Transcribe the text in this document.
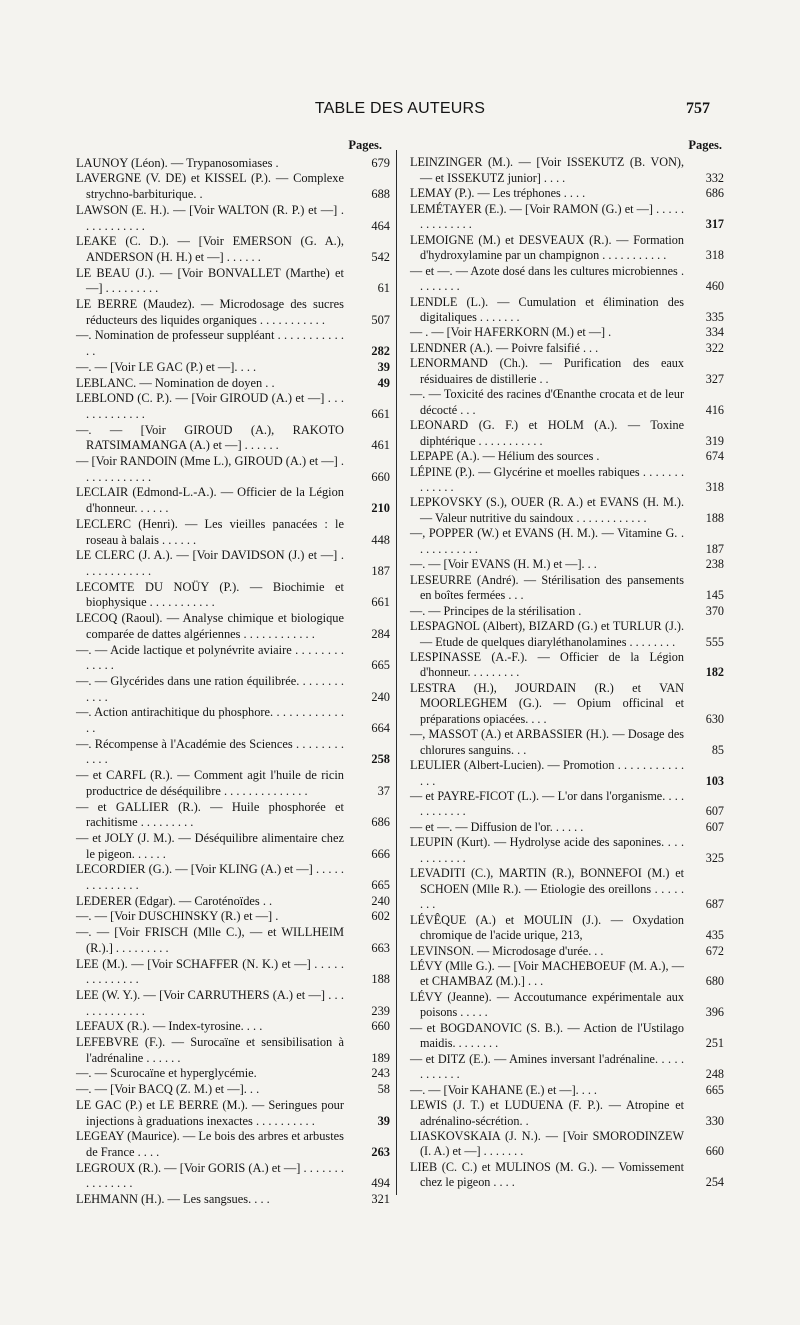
TABLE DES AUTEURS	757
Pages.
LAUNOY (Léon). — Trypanosomiases .	679
LAVERGNE (V. DE) et KISSEL (P.). — Complexe strychno-barbiturique. .	688
LAWSON (E. H.). — [Voir WALTON (R. P.) et —] . . . . . . . . . . .	464
LEAKE (C. D.). — [Voir EMERSON (G. A.), ANDERSON (H. H.) et —] . . . . . .	542
LE BEAU (J.). — [Voir BONVALLET (Marthe) et —] . . . . . . . . .	61
LE BERRE (Maudez). — Microdosage des sucres réducteurs des liquides organiques . . . . . . . . . . .	507
—. Nomination de professeur suppléant . . . . . . . . . . . . .	282
—. — [Voir LE GAC (P.) et —]. . . .	39
LEBLANC. — Nomination de doyen . .	49
LEBLOND (C. P.). — [Voir GIROUD (A.) et —] . . . . . . . . . . . . .	661
—. — [Voir GIROUD (A.), RAKOTO RATSIMAMANGA (A.) et —] . . . . . .	461
— [Voir RANDOIN (Mme L.), GIROUD (A.) et —] . . . . . . . . . . . .	660
LECLAIR (Edmond-L.-A.). — Officier de la Légion d'honneur. . . . . .	210
LECLERC (Henri). — Les vieilles panacées : le roseau à balais . . . . . .	448
LE CLERC (J. A.). — [Voir DAVIDSON (J.) et —] . . . . . . . . . . . .	187
LECOMTE DU NOÜY (P.). — Biochimie et biophysique . . . . . . . . . . .	661
LECOQ (Raoul). — Analyse chimique et biologique comparée de dattes algériennes . . . . . . . . . . . .	284
—. — Acide lactique et polynévrite aviaire . . . . . . . . . . . . .	665
—. — Glycérides dans une ration équilibrée. . . . . . . . . . . .	240
—. Action antirachitique du phosphore. . . . . . . . . . . . . .	664
—. Récompense à l'Académie des Sciences . . . . . . . . . . . .	258
— et CARFL (R.). — Comment agit l'huile de ricin productrice de déséquilibre . . . . . . . . . . . . . .	37
— et GALLIER (R.). — Huile phosphorée et rachitisme . . . . . . . . .	686
— et JOLY (J. M.). — Déséquilibre alimentaire chez le pigeon. . . . . .	666
LECORDIER (G.). — [Voir KLING (A.) et —] . . . . . . . . . . . . . .	665
LEDERER (Edgar). — Caroténoïdes . .	240
—. — [Voir DUSCHINSKY (R.) et —] .	602
—. — [Voir FRISCH (Mlle C.), — et WILLHEIM (R.).] . . . . . . . . .	663
LEE (M.). — [Voir SCHAFFER (N. K.) et —] . . . . . . . . . . . . . .	188
LEE (W. Y.). — [Voir CARRUTHERS (A.) et —] . . . . . . . . . . . . .	239
LEFAUX (R.). — Index-tyrosine. . . .	660
LEFEBVRE (F.). — Surocaïne et sensibilisation à l'adrénaline . . . . . .	189
—. — Scurocaïne et hyperglycémie.	243
—. — [Voir BACQ (Z. M.) et —]. . .	58
LE GAC (P.) et LE BERRE (M.). — Seringues pour injections à graduations inexactes . . . . . . . . . .	39
LEGEAY (Maurice). — Le bois des arbres et arbustes de France . . . .	263
LEGROUX (R.). — [Voir GORIS (A.) et —] . . . . . . . . . . . . . . .	494
LEHMANN (H.). — Les sangsues. . . .	321
Pages.
LEINZINGER (M.). — [Voir ISSEKUTZ (B. VON), — et ISSEKUTZ junior] . . . .	332
LEMAY (P.). — Les tréphones . . . .	686
LEMÉTAYER (E.). — [Voir RAMON (G.) et —] . . . . . . . . . . . . . .	317
LEMOIGNE (M.) et DESVEAUX (R.). — Formation d'hydroxylamine par un champignon . . . . . . . . . . .	318
— et —. — Azote dosé dans les cultures microbiennes . . . . . . . .	460
LENDLE (L.). — Cumulation et élimination des digitaliques . . . . . . .	335
— . — [Voir HAFERKORN (M.) et —] .	334
LENDNER (A.). — Poivre falsifié . . .	322
LENORMAND (Ch.). — Purification des eaux résiduaires de distillerie . .	327
—. — Toxicité des racines d'Œnanthe crocata et de leur décocté . . .	416
LEONARD (G. F.) et HOLM (A.). — Toxine diphtérique . . . . . . . . . . .	319
LEPAPE (A.). — Hélium des sources .	674
LÉPINE (P.). — Glycérine et moelles rabiques . . . . . . . . . . . . .	318
LEPKOVSKY (S.), OUER (R. A.) et EVANS (H. M.). — Valeur nutritive du saindoux . . . . . . . . . . . .	188
—, POPPER (W.) et EVANS (H. M.). — Vitamine G. . . . . . . . . . . .	187
—. — [Voir EVANS (H. M.) et —]. . .	238
LESEURRE (André). — Stérilisation des pansements en boîtes fermées . . .	145
—. — Principes de la stérilisation .	370
LESPAGNOL (Albert), BIZARD (G.) et TURLUR (J.). — Etude de quelques diaryléthanolamines . . . . . . . .	555
LESPINASSE (A.-F.). — Officier de la Légion d'honneur. . . . . . . . .	182
LESTRA (H.), JOURDAIN (R.) et VAN MOORLEGHEM (G.). — Opium officinal et préparations opiacées. . . .	630
—, MASSOT (A.) et ARBASSIER (H.). — Dosage des chlorures sanguins. . .	85
LEULIER (Albert-Lucien). — Promotion . . . . . . . . . . . . . .	103
— et PAYRE-FICOT (L.). — L'or dans l'organisme. . . . . . . . . . . .	607
— et —. — Diffusion de l'or. . . . . .	607
LEUPIN (Kurt). — Hydrolyse acide des saponines. . . . . . . . . . . .	325
LEVADITI (C.), MARTIN (R.), BONNEFOI (M.) et SCHOEN (Mlle R.). — Etiologie des oreillons . . . . . . . .	687
LÉVÊQUE (A.) et MOULIN (J.). — Oxydation chromique de l'acide urique, 213,	435
LEVINSON. — Microdosage d'urée. . .	672
LÉVY (Mlle G.). — [Voir MACHEBOEUF (M. A.), — et CHAMBAZ (M.).] . . .	680
LÉVY (Jeanne). — Accoutumance expérimentale aux poisons . . . . .	396
— et BOGDANOVIC (S. B.). — Action de l'Ustilago maidis. . . . . . . .	251
— et DITZ (E.). — Amines inversant l'adrénaline. . . . . . . . . . . .	248
—. — [Voir KAHANE (E.) et —]. . . .	665
LEWIS (J. T.) et LUDUENA (F. P.). — Atropine et adrénalino-sécrétion. .	330
LIASKOVSKAIA (J. N.). — [Voir SMORODINZEW (I. A.) et —] . . . . . . .	660
LIEB (C. C.) et MULINOS (M. G.). — Vomissement chez le pigeon . . . .	254
